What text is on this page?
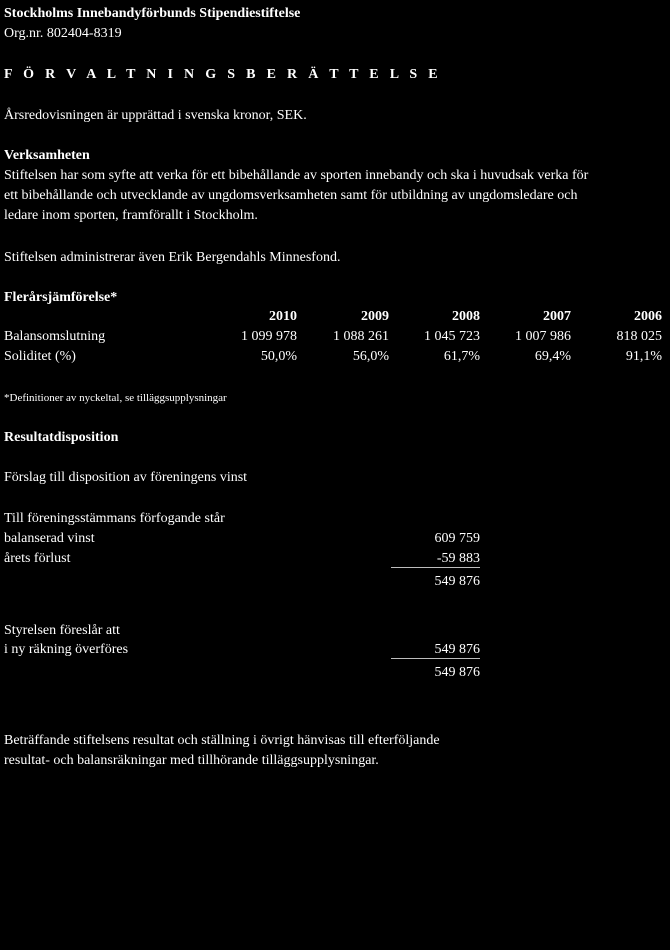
Stockholms Innebandyförbunds Stipendiestiftelse
Org.nr. 802404-8319
F Ö R V A L T N I N G S B E R Ä T T E L S E
Årsredovisningen är upprättad i svenska kronor, SEK.
Verksamheten
Stiftelsen har som syfte att verka för ett bibehållande av sporten innebandy och ska i huvudsak verka för
ett bibehållande och utvecklande av ungdomsverksamheten samt för utbildning av ungdomsledare och
ledare inom sporten, framförallt i Stockholm.
Stiftelsen administrerar även Erik Bergendahls Minnesfond.
Flerårsjämförelse*
2010	2009	2008	2007	2006
Balansomslutning	1 099 978	1 088 261	1 045 723	1 007 986	818 025
Soliditet (%)	50,0%	56,0%	61,7%	69,4%	91,1%
*Definitioner av nyckeltal, se tilläggsupplysningar
Resultatdisposition
Förslag till disposition av föreningens vinst
Till föreningsstämmans förfogande står
balanserad vinst	609 759
årets förlust	-59 883
549 876
Styrelsen föreslår att
i ny räkning överföres	549 876
549 876
Beträffande stiftelsens resultat och ställning i övrigt hänvisas till efterföljande
resultat- och balansräkningar med tillhörande tilläggsupplysningar.
